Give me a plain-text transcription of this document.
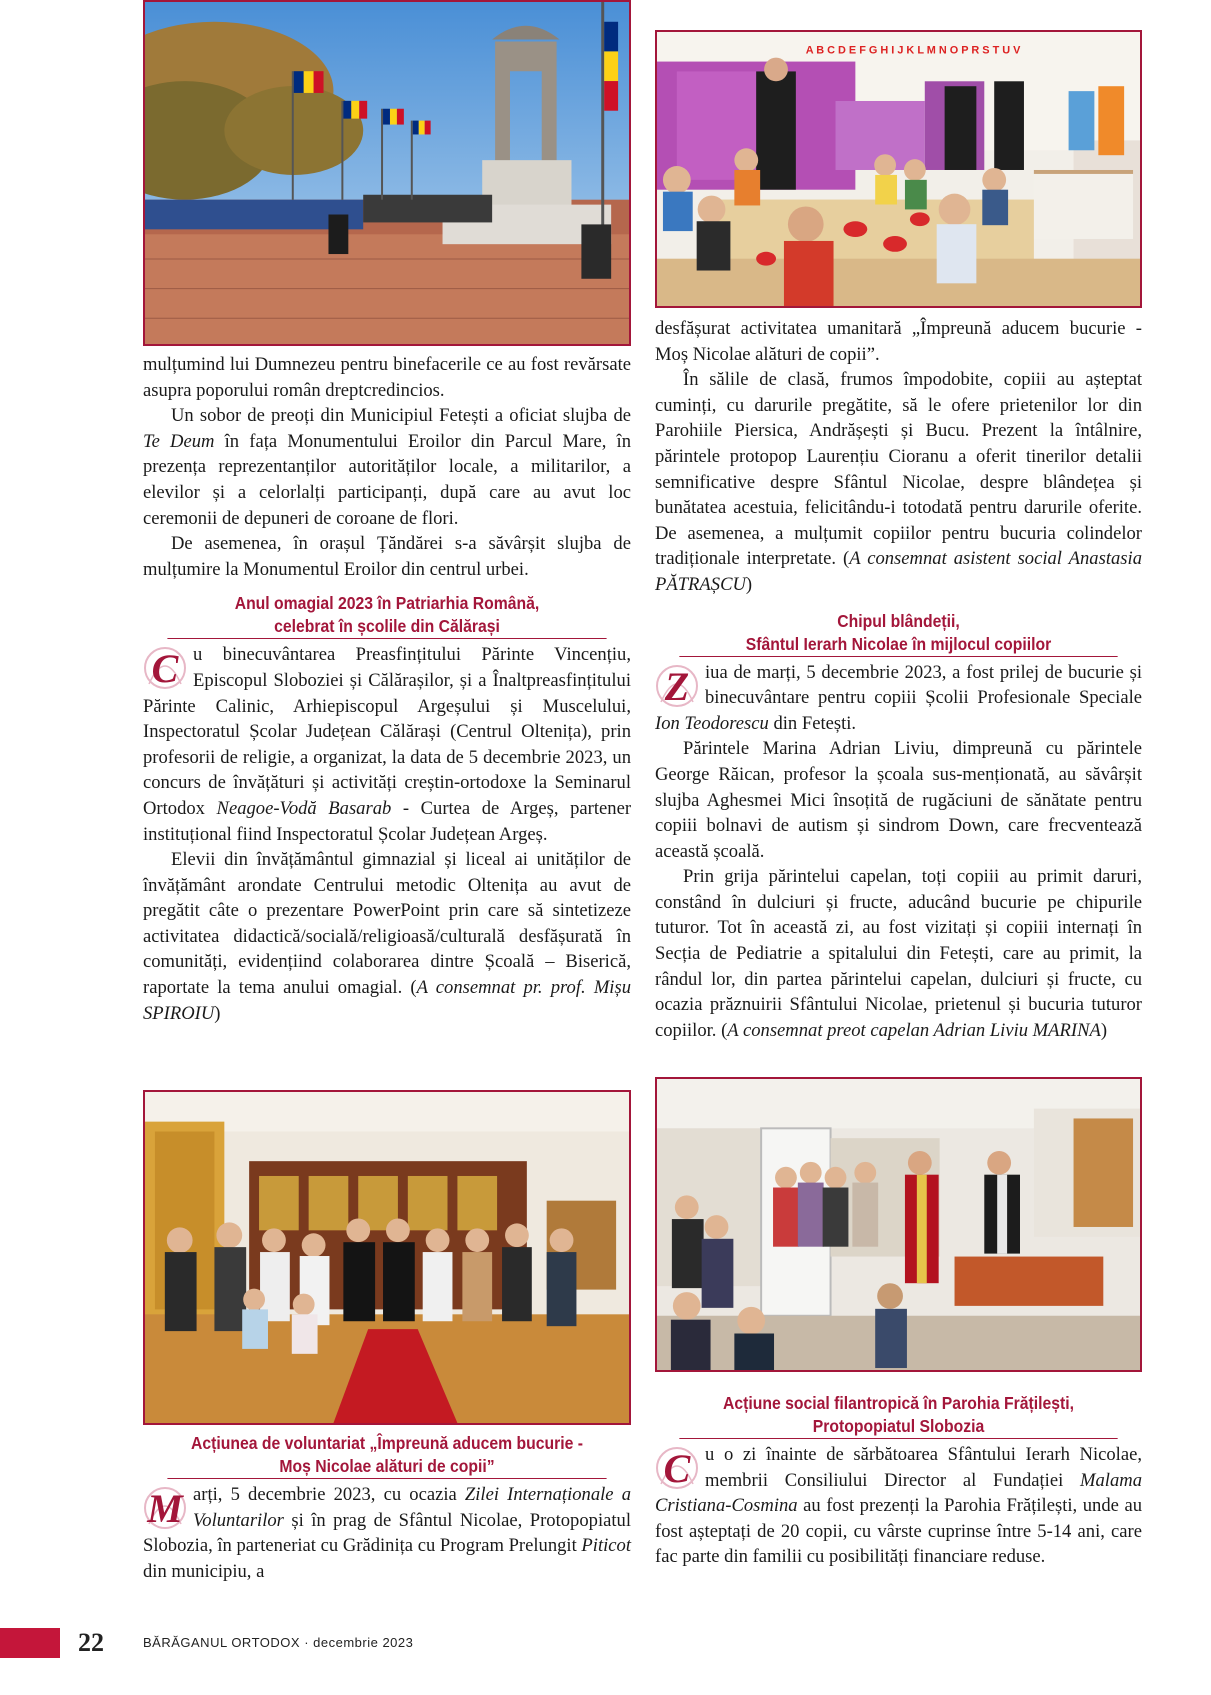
A B C D E F G H I J K L M N O P R S T U V

mulțumind lui Dumnezeu pentru binefacerile ce au fost revărsate asupra poporului român dreptcredincios.

Un sobor de preoți din Municipiul Fetești a oficiat slujba de Te Deum în fața Monumentului Eroilor din Parcul Mare, în prezența reprezentanților autorităților locale, a militarilor, a elevilor și a celorlalți participanți, după care au avut loc ceremonii de depuneri de coroane de flori.

De asemenea, în orașul Țăndărei s-a săvârșit slujba de mulțumire la Monumentul Eroilor din centrul urbei.

Anul omagial 2023 în Patriarhia Română,

celebrat în școlile din Călărași

C u binecuvântarea Preasfințitului Părinte Vincențiu, Episcopul Sloboziei și Călărașilor, și a Înaltpreasfințitului Părinte Calinic, Arhiepiscopul Argeșului și Muscelului, Inspectoratul Școlar Județean Călărași (Centrul Oltenița), prin profesorii de religie, a organizat, la data de 5 decembrie 2023, un concurs de învățături și activități creștin-ortodoxe la Seminarul Ortodox Neagoe-Vodă Basarab - Curtea de Argeș, partener instituțional fiind Inspectoratul Școlar Județean Argeș.

Elevii din învățământul gimnazial și liceal ai unităților de învățământ arondate Centrului metodic Oltenița au avut de pregătit câte o prezentare PowerPoint prin care să sintetizeze activitatea didactică/socială/religioasă/culturală desfășurată în comunități, evidențiind colaborarea dintre Școală – Biserică, raportate la tema anului omagial. (A consemnat pr. prof. Mișu SPIROIU)

Acțiunea de voluntariat „Împreună aducem bucurie -

Moș Nicolae alături de copii”

M arți, 5 decembrie 2023, cu ocazia Zilei Internaționale a Voluntarilor și în prag de Sfântul Nicolae, Protopopiatul Slobozia, în parteneriat cu Grădinița cu Program Prelungit Piticot din municipiu, a

desfășurat activitatea umanitară „Împreună aducem bucurie - Moș Nicolae alături de copii”.

În sălile de clasă, frumos împodobite, copiii au așteptat cuminți, cu darurile pregătite, să le ofere prietenilor lor din Parohiile Piersica, Andrășești și Bucu. Prezent la întâlnire, părintele protopop Laurențiu Cioranu a oferit tinerilor detalii semnificative despre Sfântul Nicolae, despre blândețea și bunătatea acestuia, felicitându-i totodată pentru darurile oferite. De asemenea, a mulțumit copiilor pentru bucuria colindelor tradiționale interpretate. (A consemnat asistent social Anastasia PĂTRAȘCU)

Chipul blândeții,

Sfântul Ierarh Nicolae în mijlocul copiilor

Z iua de marți, 5 decembrie 2023, a fost prilej de bucurie și binecuvântare pentru copiii Școlii Profesionale Speciale Ion Teodorescu din Fetești.

Părintele Marina Adrian Liviu, dimpreună cu părintele George Răican, profesor la școala sus-menționată, au săvârșit slujba Aghesmei Mici însoțită de rugăciuni de sănătate pentru copiii bolnavi de autism și sindrom Down, care frecventează această școală.

Prin grija părintelui capelan, toți copiii au primit daruri, constând în dulciuri și fructe, aducând bucurie pe chipurile tuturor. Tot în această zi, au fost vizitați și copiii internați în Secția de Pediatrie a spitalului din Fetești, care au primit, la rândul lor, din partea părintelui capelan, dulciuri și fructe, cu ocazia prăznuirii Sfântului Nicolae, prietenul și bucuria tuturor copiilor. (A consemnat preot capelan Adrian Liviu MARINA)

Acțiune social filantropică în Parohia Frățilești,

Protopopiatul Slobozia

C u o zi înainte de sărbătoarea Sfântului Ierarh Nicolae, membrii Consiliului Director al Fundației Malama Cristiana-Cosmina au fost prezenți la Parohia Frățilești, unde au fost așteptați de 20 copii, cu vârste cuprinse între 5-14 ani, care fac parte din familii cu posibilități financiare reduse.

22	BĂRĂGANUL ORTODOX · decembrie 2023
